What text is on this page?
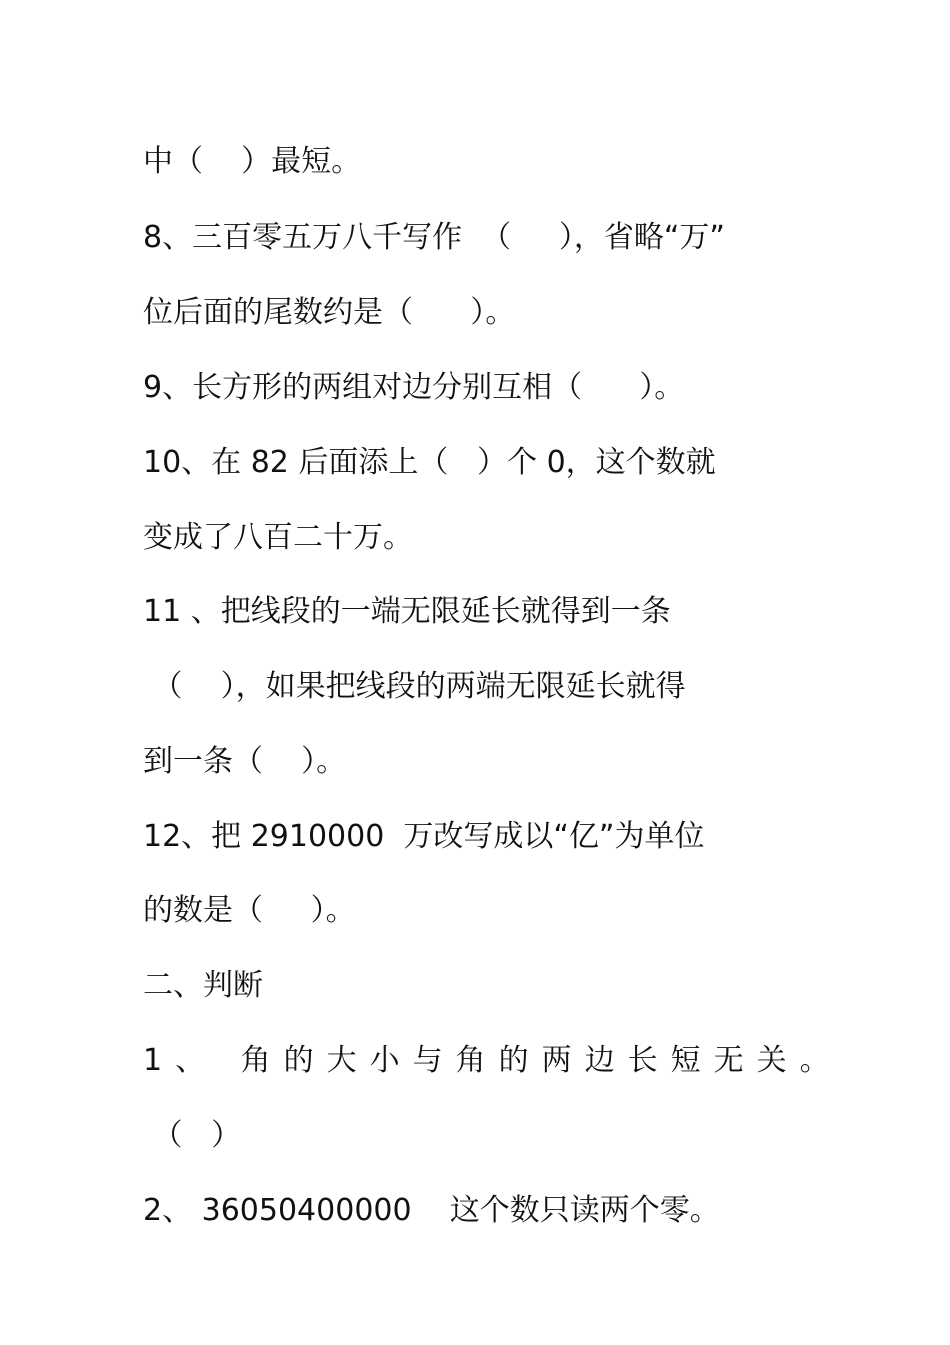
中（    ）最短。
8、三百零五万八千写作  （     ），省略“万”
位后面的尾数约是（      ）。
9、长方形的两组对边分别互相（      ）。
10、在 82 后面添上（   ）个 0，这个数就
变成了八百二十万。
11 、把线段的一端无限延长就得到一条
（    ），如果把线段的两端无限延长就得
到一条（    ）。
12、把 2910000  万改写成以“亿”为单位
的数是（     ）。
二、判断
1、 角的大小与角的两边长短无关。
（   ）
2、 36050400000    这个数只读两个零。
